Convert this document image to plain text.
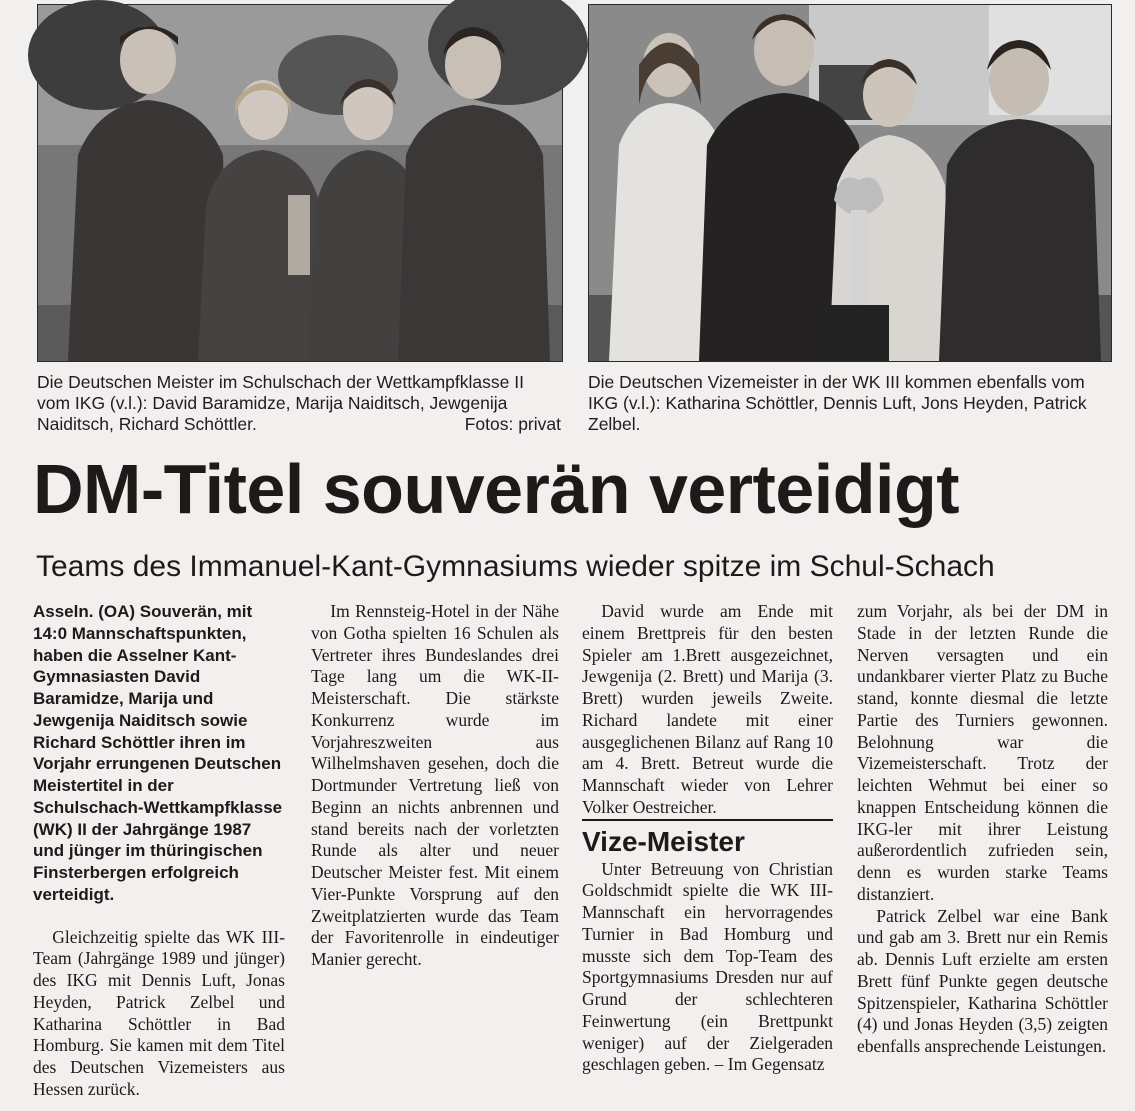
Die Deutschen Meister im Schulschach der Wettkampfklasse II vom IKG (v.l.): David Baramidze, Marija Naiditsch, Jewgenija Naiditsch, Richard Schöttler.	Fotos: privat
Die Deutschen Vizemeister in der WK III kommen ebenfalls vom IKG (v.l.): Katharina Schöttler, Dennis Luft, Jons Heyden, Patrick Zelbel.
DM-Titel souverän verteidigt
Teams des Immanuel-Kant-Gymnasiums wieder spitze im Schul-Schach

Asseln. (OA) Souverän, mit 14:0 Mannschaftspunkten, haben die Asselner Kant-Gymnasiasten David Baramidze, Marija und Jewgenija Naiditsch sowie Richard Schöttler ihren im Vorjahr errungenen Deutschen Meistertitel in der Schulschach-Wettkampfklasse (WK) II der Jahrgänge 1987 und jünger im thüringischen Finsterbergen erfolgreich verteidigt.

Gleichzeitig spielte das WK III-Team (Jahrgänge 1989 und jünger) des IKG mit Dennis Luft, Jonas Heyden, Patrick Zelbel und Katharina Schöttler in Bad Homburg. Sie kamen mit dem Titel des Deutschen Vizemeisters aus Hessen zurück.

Im Rennsteig-Hotel in der Nähe von Gotha spielten 16 Schulen als Vertreter ihres Bundeslandes drei Tage lang um die WK-II-Meisterschaft. Die stärkste Konkurrenz wurde im Vorjahreszweiten aus Wilhelmshaven gesehen, doch die Dortmunder Vertretung ließ von Beginn an nichts anbrennen und stand bereits nach der vorletzten Runde als alter und neuer Deutscher Meister fest. Mit einem Vier-Punkte Vorsprung auf den Zweitplatzierten wurde das Team der Favoritenrolle in eindeutiger Manier gerecht.

David wurde am Ende mit einem Brettpreis für den besten Spieler am 1.Brett ausgezeichnet, Jewgenija (2. Brett) und Marija (3. Brett) wurden jeweils Zweite. Richard landete mit einer ausgeglichenen Bilanz auf Rang 10 am 4. Brett. Betreut wurde die Mannschaft wieder von Lehrer Volker Oestreicher.

Vize-Meister

Unter Betreuung von Christian Goldschmidt spielte die WK III-Mannschaft ein hervorragendes Turnier in Bad Homburg und musste sich dem Top-Team des Sportgymnasiums Dresden nur auf Grund der schlechteren Feinwertung (ein Brettpunkt weniger) auf der Zielgeraden geschlagen geben. – Im Gegensatz

zum Vorjahr, als bei der DM in Stade in der letzten Runde die Nerven versagten und ein undankbarer vierter Platz zu Buche stand, konnte diesmal die letzte Partie des Turniers gewonnen. Belohnung war die Vizemeisterschaft. Trotz der leichten Wehmut bei einer so knappen Entscheidung können die IKG-ler mit ihrer Leistung außerordentlich zufrieden sein, denn es wurden starke Teams distanziert.

Patrick Zelbel war eine Bank und gab am 3. Brett nur ein Remis ab. Dennis Luft erzielte am ersten Brett fünf Punkte gegen deutsche Spitzenspieler, Katharina Schöttler (4) und Jonas Heyden (3,5) zeigten ebenfalls ansprechende Leistungen.
